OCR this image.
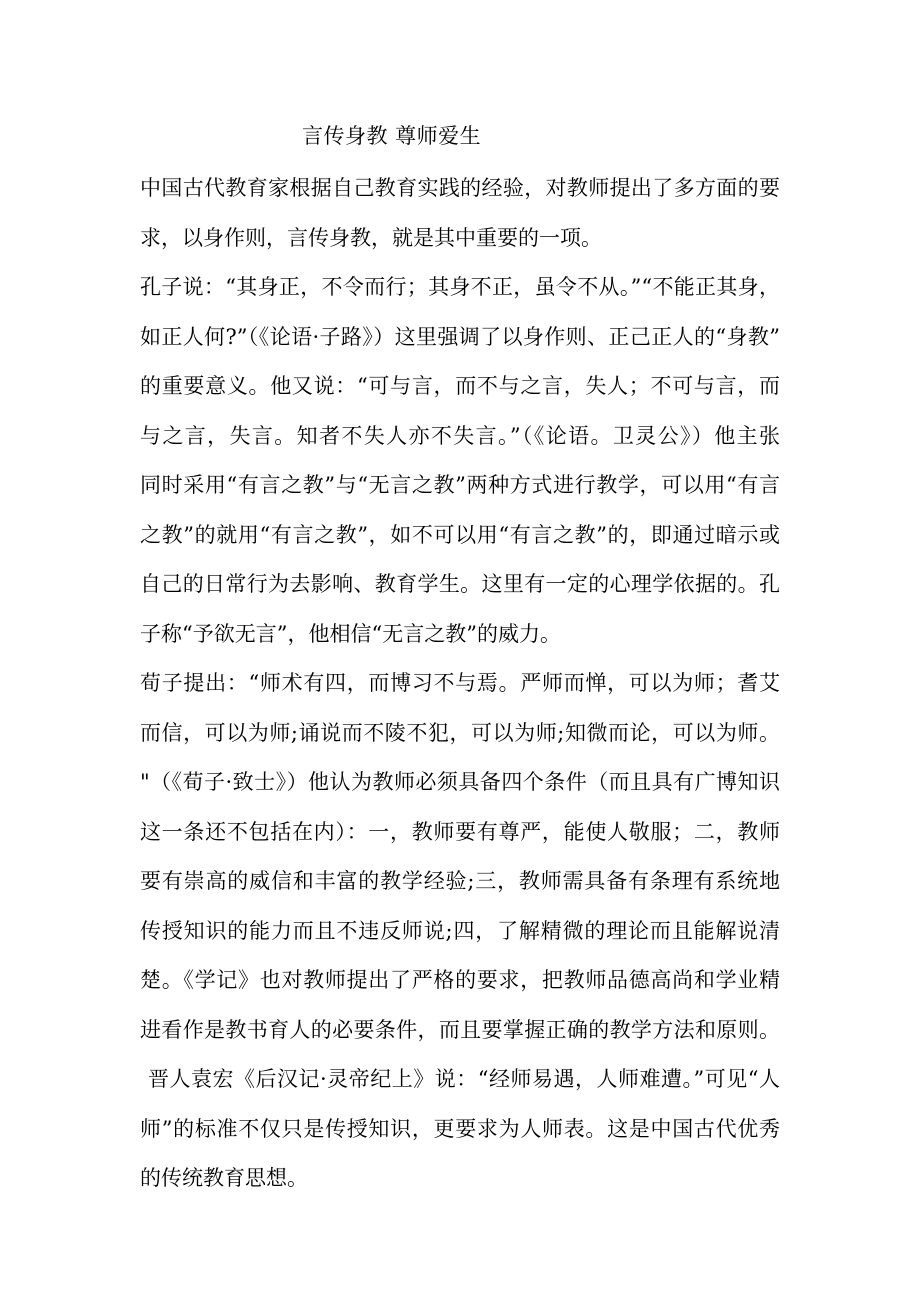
言传身教 尊师爱生
中国古代教育家根据自己教育实践的经验，对教师提出了多方面的要
求，以身作则，言传身教，就是其中重要的一项。
孔子说：“其身正，不令而行；其身不正，虽令不从。”“不能正其身，
如正人何?”（《论语·子路》）这里强调了以身作则、正己正人的“身教”
的重要意义。他又说：“可与言，而不与之言，失人；不可与言，而
与之言，失言。知者不失人亦不失言。”（《论语。卫灵公》）他主张
同时采用“有言之教”与“无言之教”两种方式进行教学，可以用“有言
之教”的就用“有言之教”，如不可以用“有言之教”的，即通过暗示或
自己的日常行为去影响、教育学生。这里有一定的心理学依据的。孔
子称“予欲无言”，他相信“无言之教”的威力。
荀子提出：“师术有四，而博习不与焉。严师而惮，可以为师；耆艾
而信，可以为师;诵说而不陵不犯，可以为师;知微而论，可以为师。
"（《荀子·致士》）他认为教师必须具备四个条件（而且具有广博知识
这一条还不包括在内）：一，教师要有尊严，能使人敬服；二，教师
要有崇高的威信和丰富的教学经验;三，教师需具备有条理有系统地
传授知识的能力而且不违反师说;四，了解精微的理论而且能解说清
楚。《学记》也对教师提出了严格的要求，把教师品德高尚和学业精
进看作是教书育人的必要条件，而且要掌握正确的教学方法和原则。
晋人袁宏《后汉记·灵帝纪上》说：“经师易遇，人师难遭。”可见“人
师”的标准不仅只是传授知识，更要求为人师表。这是中国古代优秀
的传统教育思想。
